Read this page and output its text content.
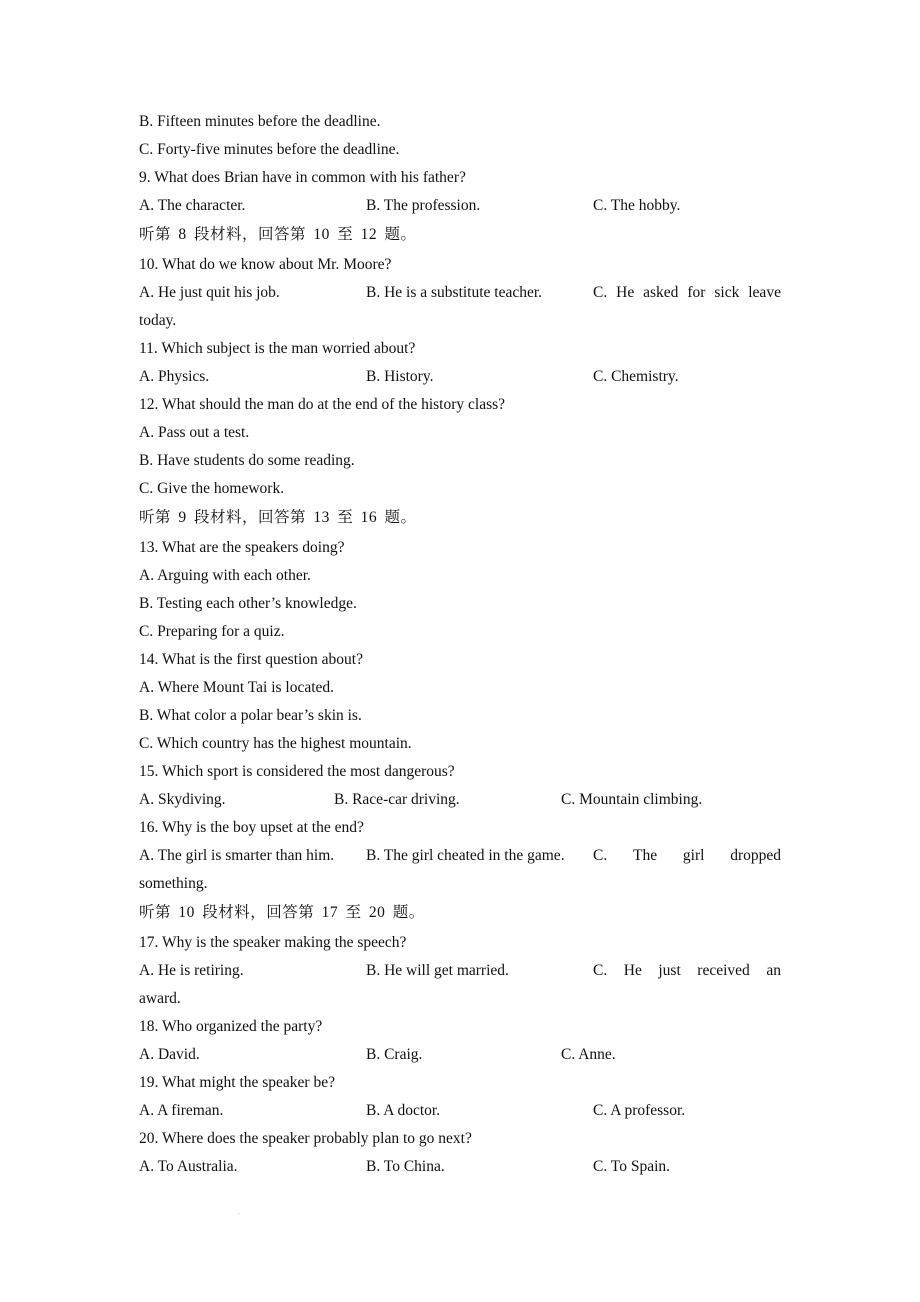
B. Fifteen minutes before the deadline.
C. Forty-five minutes before the deadline.
9. What does Brian have in common with his father?
A. The character.	B. The profession.	C. The hobby.
听第 8 段材料，回答第 10 至 12 题。
10. What do we know about Mr. Moore?
A. He just quit his job.	B. He is a substitute teacher.	C. He asked for sick leave
today.
11. Which subject is the man worried about?
A. Physics.	B. History.	C. Chemistry.
12. What should the man do at the end of the history class?
A. Pass out a test.
B. Have students do some reading.
C. Give the homework.
听第 9 段材料，回答第 13 至 16 题。
13. What are the speakers doing?
A. Arguing with each other.
B. Testing each other’s knowledge.
C. Preparing for a quiz.
14. What is the first question about?
A. Where Mount Tai is located.
B. What color a polar bear’s skin is.
C. Which country has the highest mountain.
15. Which sport is considered the most dangerous?
A. Skydiving.	B. Race-car driving.	C. Mountain climbing.
16. Why is the boy upset at the end?
A. The girl is smarter than him. B. The girl cheated in the game. C. The girl dropped
something.
听第 10 段材料，回答第 17 至 20 题。
17. Why is the speaker making the speech?
A. He is retiring.	B. He will get married.	C. He just received an
award.
18. Who organized the party?
A. David.	B. Craig.	C. Anne.
19. What might the speaker be?
A. A fireman.	B. A doctor.	C. A professor.
20. Where does the speaker probably plan to go next?
A. To Australia.	B. To China.	C. To Spain.
